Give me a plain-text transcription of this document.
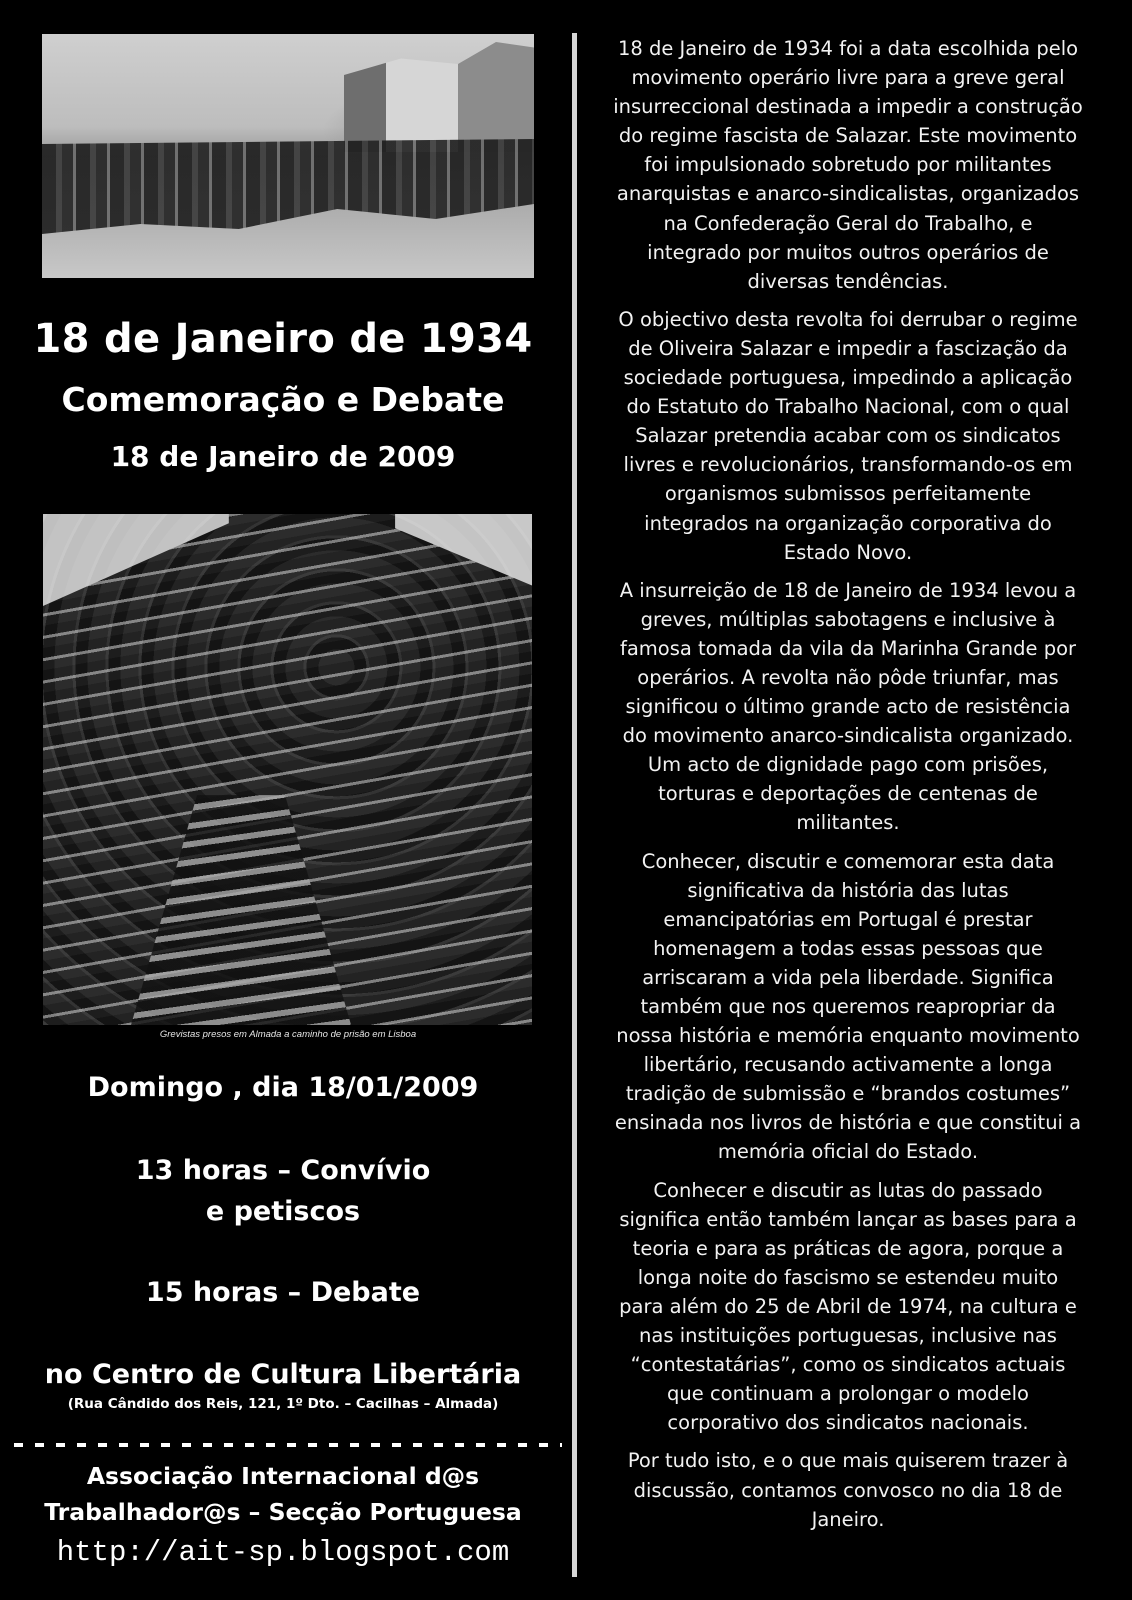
18 de Janeiro de 1934
Comemoração e Debate
18 de Janeiro de 2009
Grevistas presos em Almada a caminho de prisão em Lisboa
Domingo , dia 18/01/2009
13 horas – Convívio
e petiscos
15 horas – Debate
no Centro de Cultura Libertária
(Rua Cândido dos Reis, 121, 1º Dto. – Cacilhas – Almada)
Associação Internacional d@s
Trabalhador@s – Secção Portuguesa
http://ait-sp.blogspot.com

18 de Janeiro de 1934 foi a data escolhida pelo
movimento operário livre para a greve geral
insurreccional destinada a impedir a construção
do regime fascista de Salazar. Este movimento
foi impulsionado sobretudo por militantes
anarquistas e anarco-sindicalistas, organizados
na Confederação Geral do Trabalho, e
integrado por muitos outros operários de
diversas tendências.

O objectivo desta revolta foi derrubar o regime
de Oliveira Salazar e impedir a fascização da
sociedade portuguesa, impedindo a aplicação
do Estatuto do Trabalho Nacional, com o qual
Salazar pretendia acabar com os sindicatos
livres e revolucionários, transformando-os em
organismos submissos perfeitamente
integrados na organização corporativa do
Estado Novo.

A insurreição de 18 de Janeiro de 1934 levou a
greves, múltiplas sabotagens e inclusive à
famosa tomada da vila da Marinha Grande por
operários. A revolta não pôde triunfar, mas
significou o último grande acto de resistência
do movimento anarco-sindicalista organizado.
Um acto de dignidade pago com prisões,
torturas e deportações de centenas de
militantes.

Conhecer, discutir e comemorar esta data
significativa da história das lutas
emancipatórias em Portugal é prestar
homenagem a todas essas pessoas que
arriscaram a vida pela liberdade. Significa
também que nos queremos reapropriar da
nossa história e memória enquanto movimento
libertário, recusando activamente a longa
tradição de submissão e “brandos costumes”
ensinada nos livros de história e que constitui a
memória oficial do Estado.

Conhecer e discutir as lutas do passado
significa então também lançar as bases para a
teoria e para as práticas de agora, porque a
longa noite do fascismo se estendeu muito
para além do 25 de Abril de 1974, na cultura e
nas instituições portuguesas, inclusive nas
“contestatárias”, como os sindicatos actuais
que continuam a prolongar o modelo
corporativo dos sindicatos nacionais.

Por tudo isto, e o que mais quiserem trazer à
discussão, contamos convosco no dia 18 de
Janeiro.
